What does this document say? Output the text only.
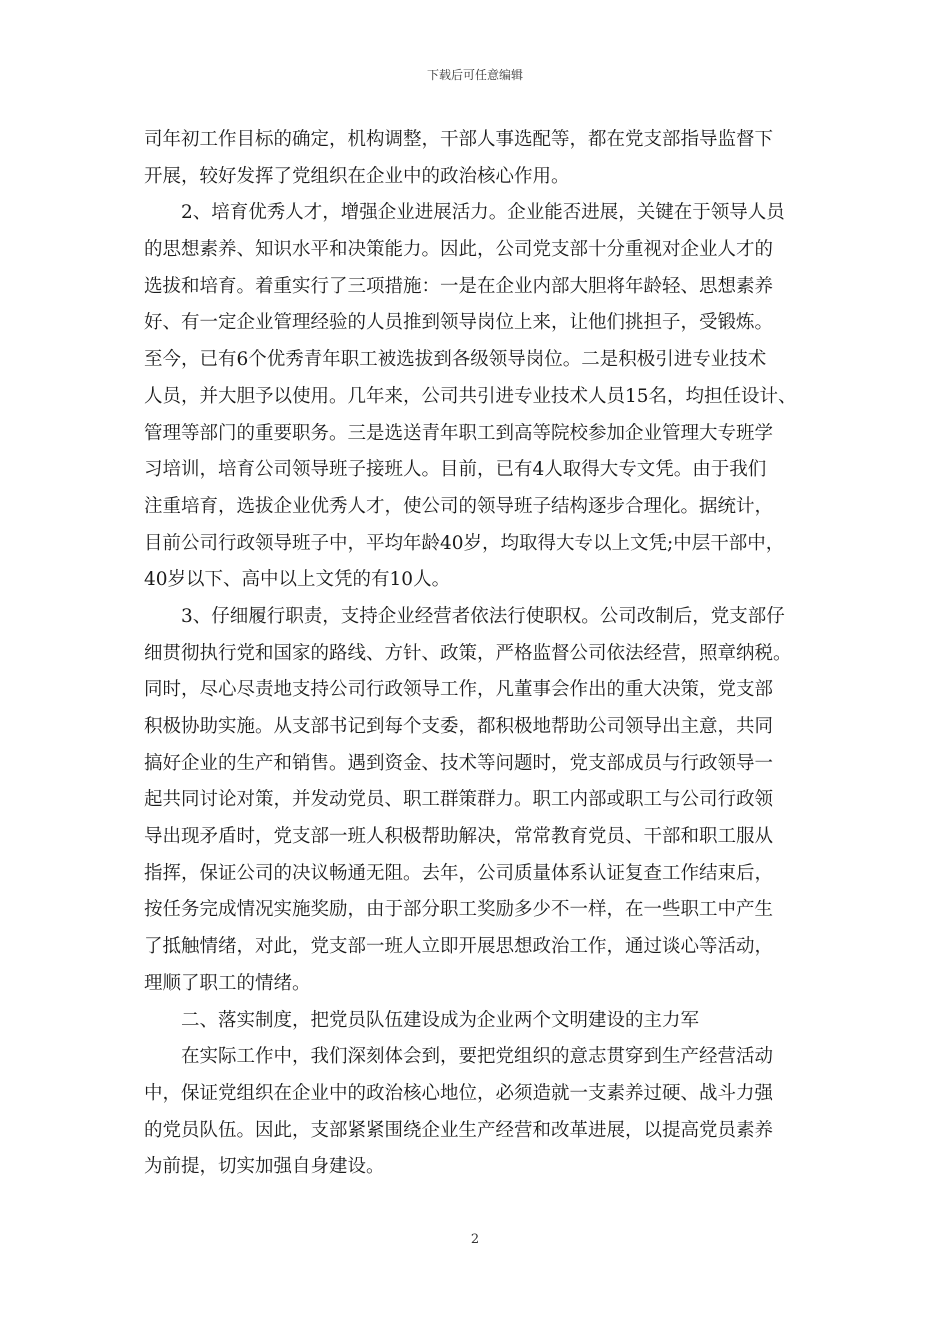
下载后可任意编辑
司年初工作目标的确定，机构调整，干部人事选配等，都在党支部指导监督下
开展，较好发挥了党组织在企业中的政治核心作用。
2、培育优秀人才，增强企业进展活力。企业能否进展，关键在于领导人员
的思想素养、知识水平和决策能力。因此，公司党支部十分重视对企业人才的
选拔和培育。着重实行了三项措施：一是在企业内部大胆将年龄轻、思想素养
好、有一定企业管理经验的人员推到领导岗位上来，让他们挑担子，受锻炼。
至今，已有6个优秀青年职工被选拔到各级领导岗位。二是积极引进专业技术
人员，并大胆予以使用。几年来，公司共引进专业技术人员15名，均担任设计、
管理等部门的重要职务。三是选送青年职工到高等院校参加企业管理大专班学
习培训，培育公司领导班子接班人。目前，已有4人取得大专文凭。由于我们
注重培育，选拔企业优秀人才，使公司的领导班子结构逐步合理化。据统计，
目前公司行政领导班子中，平均年龄40岁，均取得大专以上文凭;中层干部中，
40岁以下、高中以上文凭的有10人。
3、仔细履行职责，支持企业经营者依法行使职权。公司改制后，党支部仔
细贯彻执行党和国家的路线、方针、政策，严格监督公司依法经营，照章纳税。
同时，尽心尽责地支持公司行政领导工作，凡董事会作出的重大决策，党支部
积极协助实施。从支部书记到每个支委，都积极地帮助公司领导出主意，共同
搞好企业的生产和销售。遇到资金、技术等问题时，党支部成员与行政领导一
起共同讨论对策，并发动党员、职工群策群力。职工内部或职工与公司行政领
导出现矛盾时，党支部一班人积极帮助解决，常常教育党员、干部和职工服从
指挥，保证公司的决议畅通无阻。去年，公司质量体系认证复查工作结束后，
按任务完成情况实施奖励，由于部分职工奖励多少不一样，在一些职工中产生
了抵触情绪，对此，党支部一班人立即开展思想政治工作，通过谈心等活动，
理顺了职工的情绪。
二、落实制度，把党员队伍建设成为企业两个文明建设的主力军
在实际工作中，我们深刻体会到，要把党组织的意志贯穿到生产经营活动
中，保证党组织在企业中的政治核心地位，必须造就一支素养过硬、战斗力强
的党员队伍。因此，支部紧紧围绕企业生产经营和改革进展，以提高党员素养
为前提，切实加强自身建设。
2
